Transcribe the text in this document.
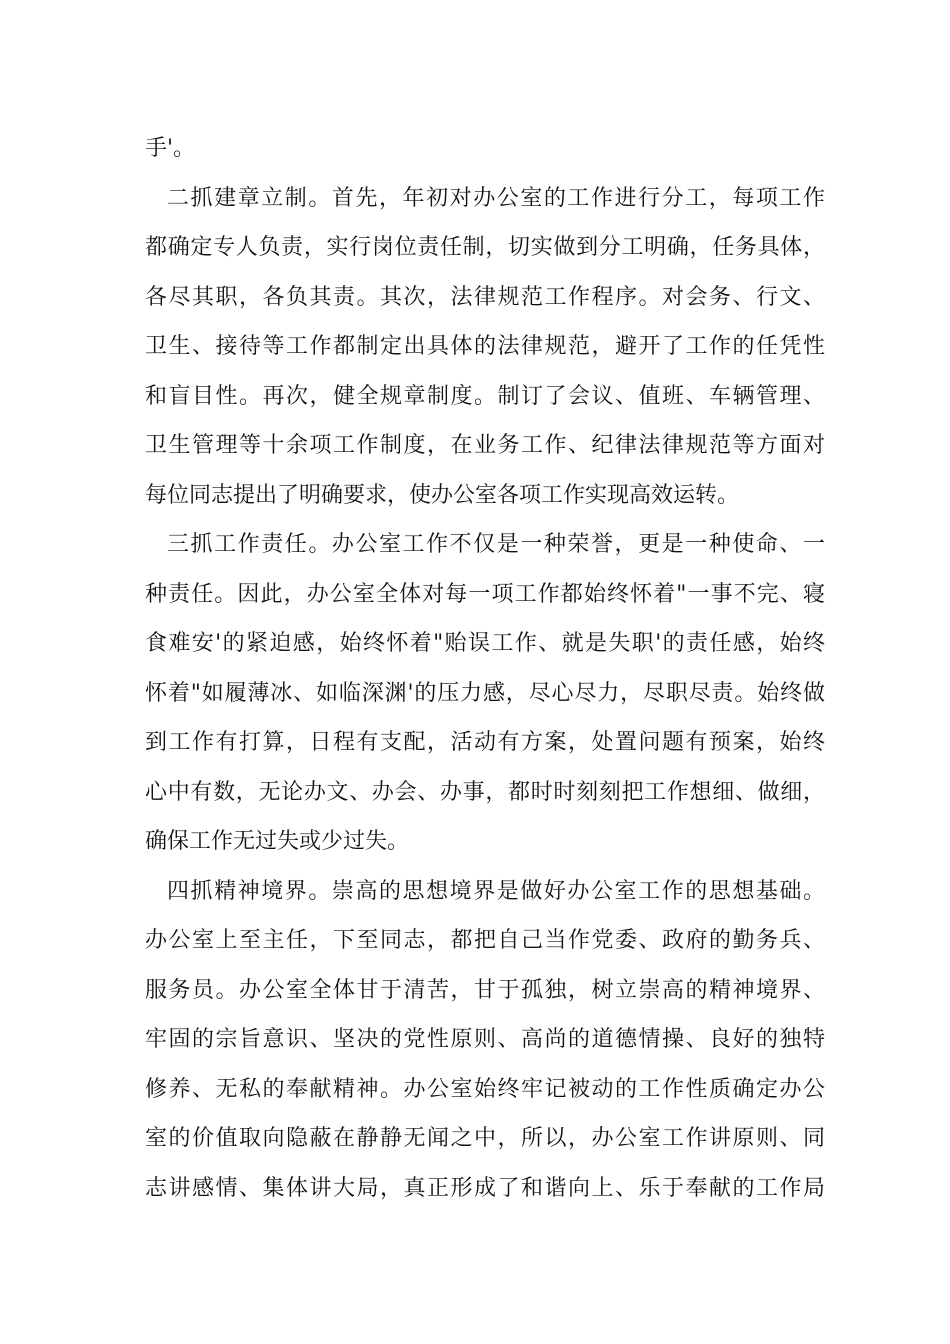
手'。
二抓建章立制。首先，年初对办公室的工作进行分工，每项工作
都确定专人负责，实行岗位责任制，切实做到分工明确，任务具体，
各尽其职，各负其责。其次，法律规范工作程序。对会务、行文、
卫生、接待等工作都制定出具体的法律规范，避开了工作的任凭性
和盲目性。再次，健全规章制度。制订了会议、值班、车辆管理、
卫生管理等十余项工作制度，在业务工作、纪律法律规范等方面对
每位同志提出了明确要求，使办公室各项工作实现高效运转。
三抓工作责任。办公室工作不仅是一种荣誉，更是一种使命、一
种责任。因此，办公室全体对每一项工作都始终怀着"一事不完、寝
食难安'的紧迫感，始终怀着"贻误工作、就是失职'的责任感，始终
怀着"如履薄冰、如临深渊'的压力感，尽心尽力，尽职尽责。始终做
到工作有打算，日程有支配，活动有方案，处置问题有预案，始终
心中有数，无论办文、办会、办事，都时时刻刻把工作想细、做细，
确保工作无过失或少过失。
四抓精神境界。崇高的思想境界是做好办公室工作的思想基础。
办公室上至主任，下至同志，都把自己当作党委、政府的勤务兵、
服务员。办公室全体甘于清苦，甘于孤独，树立崇高的精神境界、
牢固的宗旨意识、坚决的党性原则、高尚的道德情操、良好的独特
修养、无私的奉献精神。办公室始终牢记被动的工作性质确定办公
室的价值取向隐蔽在静静无闻之中，所以，办公室工作讲原则、同
志讲感情、集体讲大局，真正形成了和谐向上、乐于奉献的工作局
